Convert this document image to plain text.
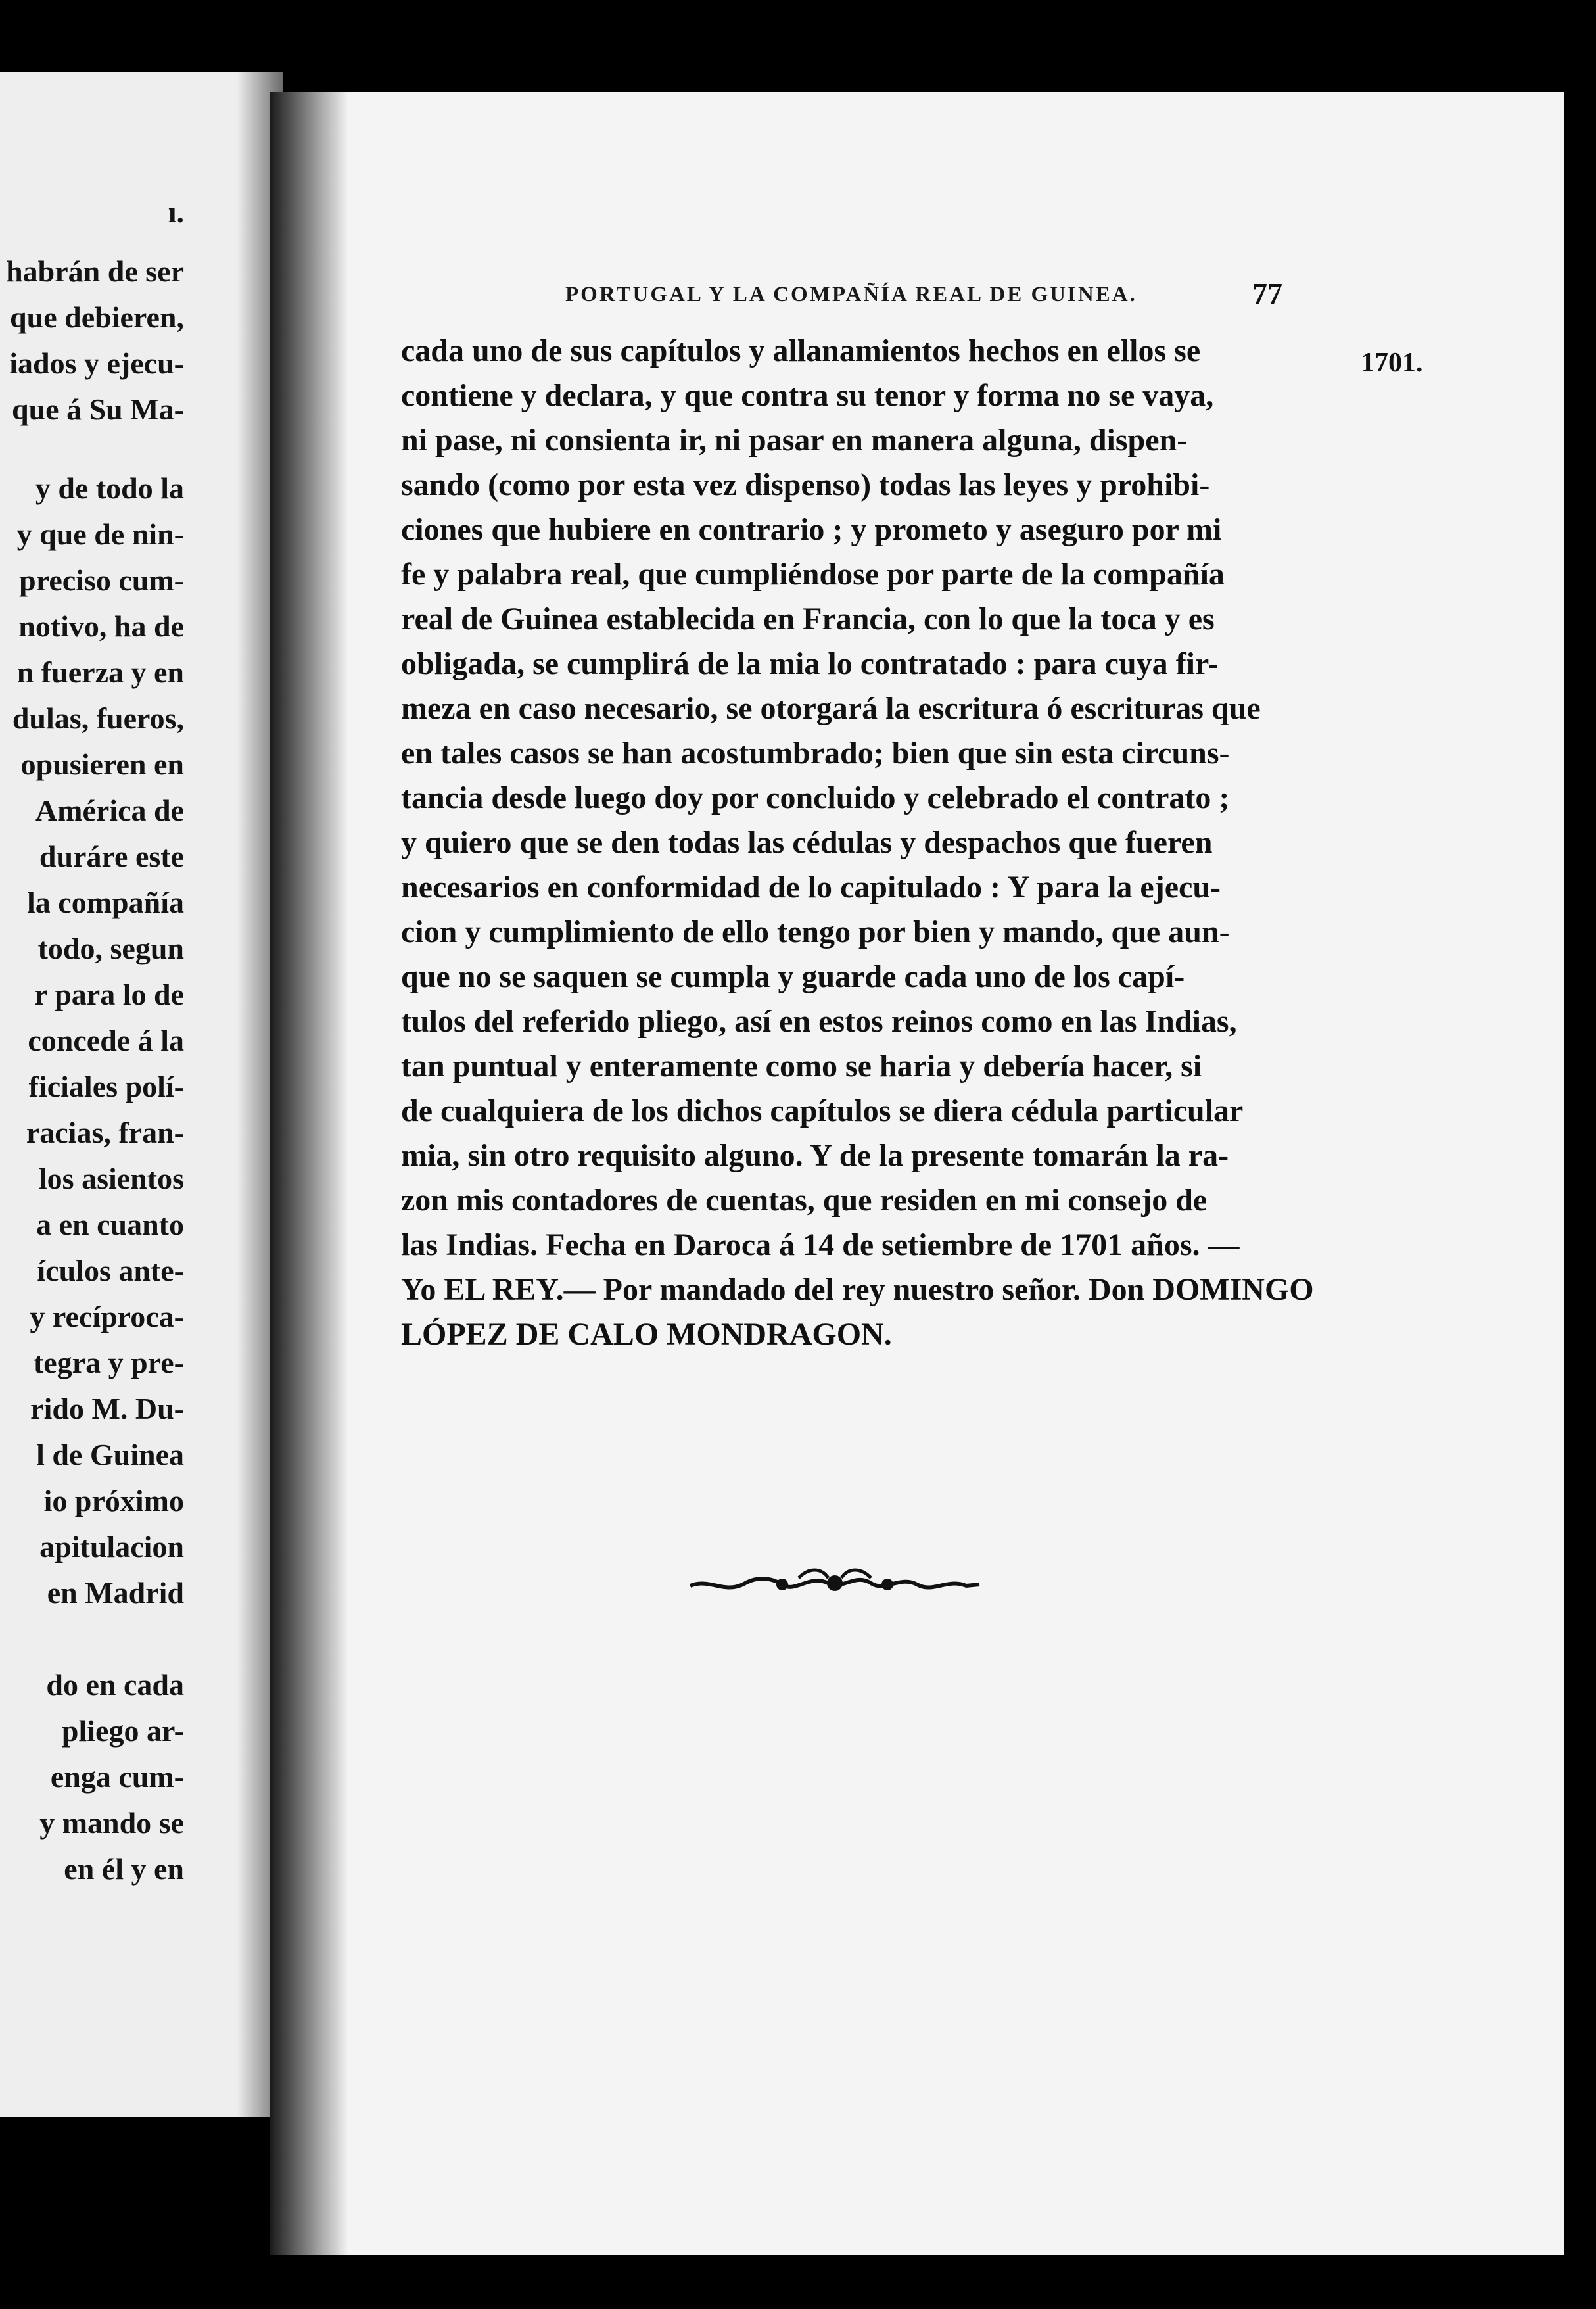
ı.
habrán de ser
que debieren,
iados y ejecu-
que á Su Ma-
y de todo la
y que de nin-
preciso cum-
notivo, ha de
n fuerza y en
dulas, fueros,
opusieren en
América de
duráre este
la compañía
todo, segun
r para lo de
concede á la
ficiales polí-
racias, fran-
los asientos
a en cuanto
ículos ante-
y recíproca-
tegra y pre-
rido M. Du-
l de Guinea
io próximo
apitulacion
en Madrid
do en cada
pliego ar-
enga cum-
y mando se
en él y en
PORTUGAL Y LA COMPAÑÍA REAL DE GUINEA.	77
1701.
cada uno de sus capítulos y allanamientos hechos en ellos se
contiene y declara, y que contra su tenor y forma no se vaya,
ni pase, ni consienta ir, ni pasar en manera alguna, dispen-
sando (como por esta vez dispenso) todas las leyes y prohibi-
ciones que hubiere en contrario ; y prometo y aseguro por mi
fe y palabra real, que cumpliéndose por parte de la compañía
real de Guinea establecida en Francia, con lo que la toca y es
obligada, se cumplirá de la mia lo contratado : para cuya fir-
meza en caso necesario, se otorgará la escritura ó escrituras que
en tales casos se han acostumbrado; bien que sin esta circuns-
tancia desde luego doy por concluido y celebrado el contrato ;
y quiero que se den todas las cédulas y despachos que fueren
necesarios en conformidad de lo capitulado : Y para la ejecu-
cion y cumplimiento de ello tengo por bien y mando, que aun-
que no se saquen se cumpla y guarde cada uno de los capí-
tulos del referido pliego, así en estos reinos como en las Indias,
tan puntual y enteramente como se haria y debería hacer, si
de cualquiera de los dichos capítulos se diera cédula particular
mia, sin otro requisito alguno. Y de la presente tomarán la ra-
zon mis contadores de cuentas, que residen en mi consejo de
las Indias. Fecha en Daroca á 14 de setiembre de 1701 años. —
Yo EL REY.— Por mandado del rey nuestro señor. Don DOMINGO
LÓPEZ DE CALO MONDRAGON.
